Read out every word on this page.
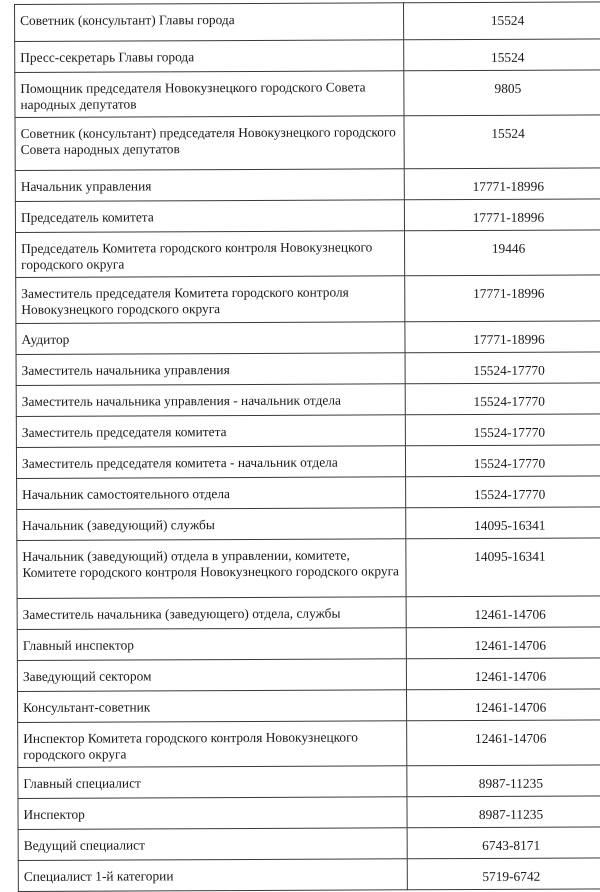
Советник (консультант) Главы города	15524
Пресс-секретарь Главы города	15524
Помощник председателя Новокузнецкого городского Совета народных депутатов	9805
Советник (консультант) председателя Новокузнецкого городского Совета народных депутатов	15524
Начальник управления	17771-18996
Председатель комитета	17771-18996
Председатель Комитета городского контроля Новокузнецкого городского округа	19446
Заместитель председателя Комитета городского контроля Новокузнецкого городского округа	17771-18996
Аудитор	17771-18996
Заместитель начальника управления	15524-17770
Заместитель начальника управления - начальник отдела	15524-17770
Заместитель председателя комитета	15524-17770
Заместитель председателя комитета - начальник отдела	15524-17770
Начальник самостоятельного отдела	15524-17770
Начальник (заведующий) службы	14095-16341
Начальник (заведующий) отдела в управлении, комитете, Комитете городского контроля Новокузнецкого городского округа	14095-16341
Заместитель начальника (заведующего) отдела, службы	12461-14706
Главный инспектор	12461-14706
Заведующий сектором	12461-14706
Консультант-советник	12461-14706
Инспектор Комитета городского контроля Новокузнецкого городского округа	12461-14706
Главный специалист	8987-11235
Инспектор	8987-11235
Ведущий специалист	6743-8171
Специалист 1-й категории	5719-6742
